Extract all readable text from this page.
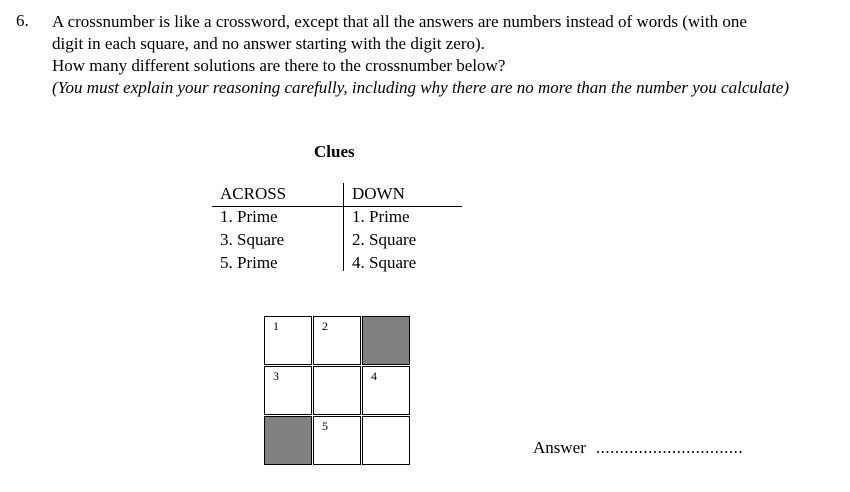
6. A crossnumber is like a crossword, except that all the answers are numbers instead of words (with one

digit in each square, and no answer starting with the digit zero).

How many different solutions are there to the crossnumber below?

(You must explain your reasoning carefully, including why there are no more than the number you calculate)

Clues
ACROSS
1. Prime
3. Square
5. Prime
DOWN
1. Prime
2. Square
4. Square
1	2
3	4
5
Answer ...............................
